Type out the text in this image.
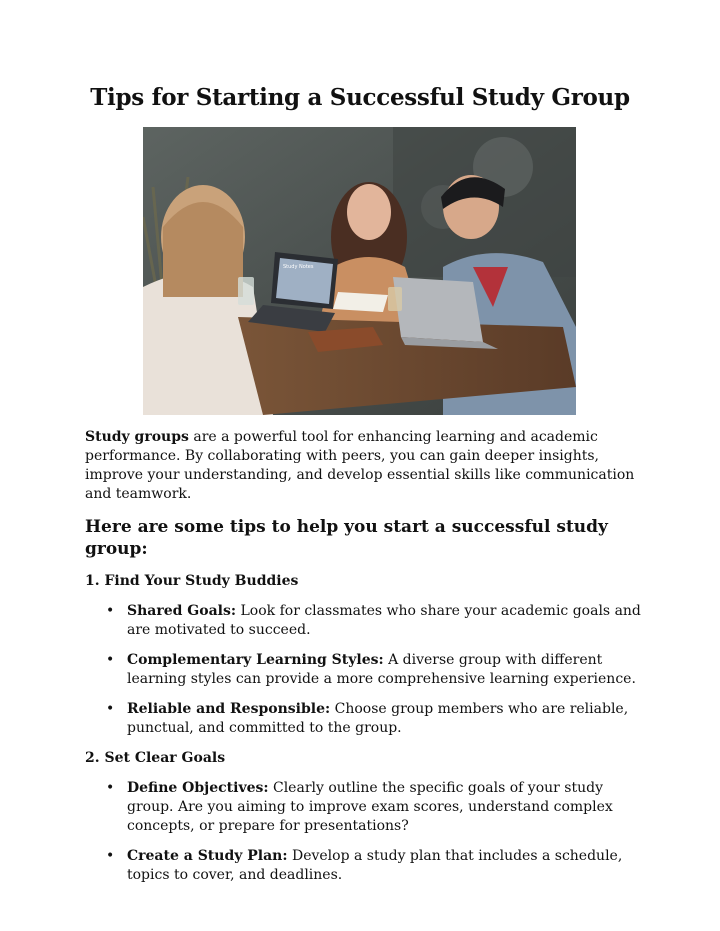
Tips for Starting a Successful Study Group
Study Notes

Study groups are a powerful tool for enhancing learning and academic performance. By collaborating with peers, you can gain deeper insights, improve your understanding, and develop essential skills like communication and teamwork.

Here are some tips to help you start a successful study group:
1. Find Your Study Buddies
• Shared Goals: Look for classmates who share your academic goals and are motivated to succeed.
• Complementary Learning Styles: A diverse group with different learning styles can provide a more comprehensive learning experience.
• Reliable and Responsible: Choose group members who are reliable, punctual, and committed to the group.
2. Set Clear Goals
• Define Objectives: Clearly outline the specific goals of your study group. Are you aiming to improve exam scores, understand complex concepts, or prepare for presentations?
• Create a Study Plan: Develop a study plan that includes a schedule, topics to cover, and deadlines.
